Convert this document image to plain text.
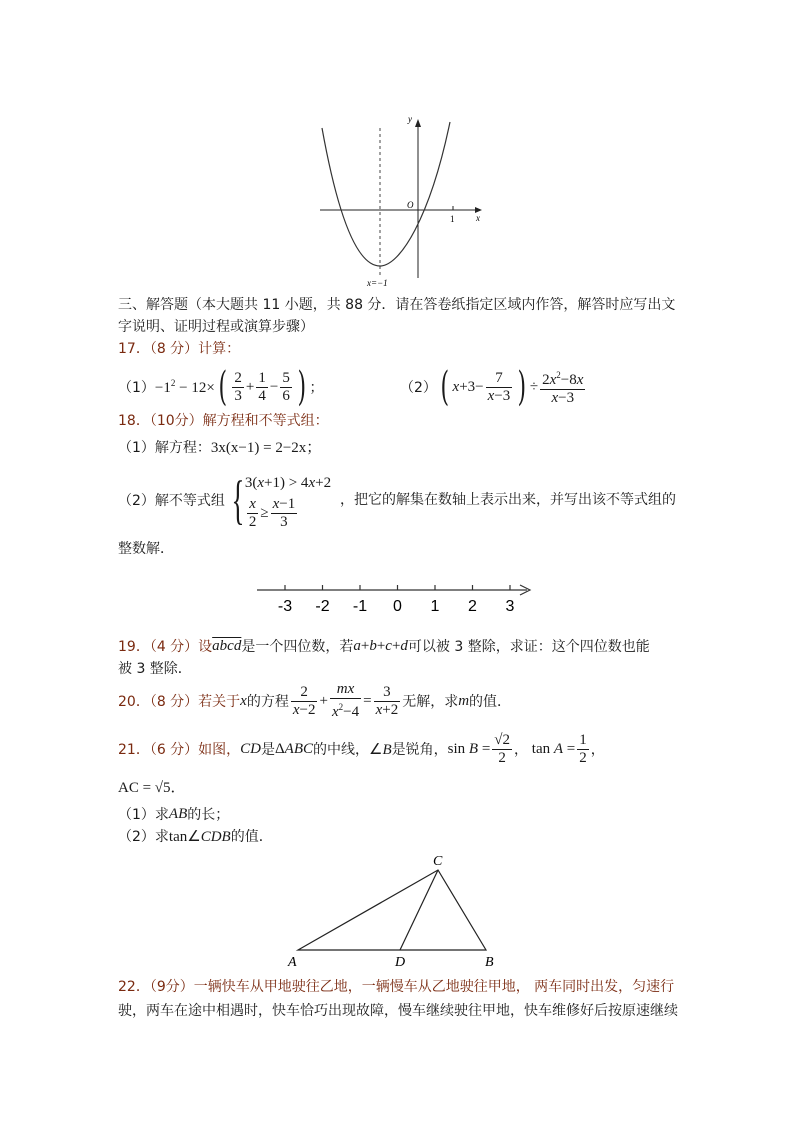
y
x
O
1
x=−1
三、解答题（本大题共 11 小题，共 88 分．请在答卷纸指定区域内作答，解答时应写出文
字说明、证明过程或演算步骤）
17．（8 分）计算：
$(1) -1^2 - 12\times$ ( $\frac{2}{3} + \frac{1}{4} - \frac{5}{6}$ ) ；	（2） ( $x +3- \frac{7}{x-3}$ ) ÷ $\frac{2x^2-8x}{x-3}$
18．（10分）解方程和不等式组：
（1）解方程： 3x(x−1) = 2−2x；
（2）解不等式组 { 3( x +1) > 4 x +2
$\frac{x}{2} \ge \frac{x-1}{3}$	，把它的解集在数轴上表示出来，并写出该不等式组的
整数解．
-3 -2 -1 0 1 2 3
19．（4 分）设 abcd 是一个四位数，若 a + b + c + d 可以被 3 整除，求证：这个四位数也能
被 3 整除．
20．（8 分）若关于 x 的方程 $\frac{2}{x-2} + \frac{mx}{x^2-4} = \frac{3}{x+2}$ 无解，求 m 的值．
21．（6 分）如图， CD 是 ΔABC 的中线， ∠B 是锐角， $\sin B = \frac{√2}{2}$ ， $\tan A = \frac{1}{2}$ ，
AC = √5．
（1）求 AB 的长；
（2）求 tan∠CDB 的值．
A	B
C
D
22．（9分）一辆快车从甲地驶往乙地，一辆慢车从乙地驶往甲地， 两车同时出发，匀速行
驶，两车在途中相遇时，快车恰巧出现故障，慢车继续驶往甲地，快车维修好后按原速继续
